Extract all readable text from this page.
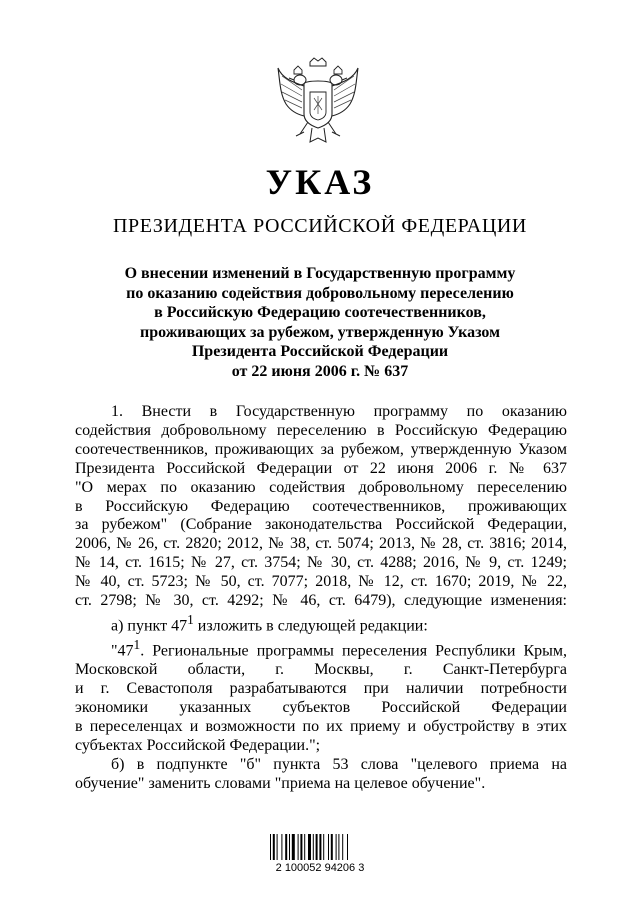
УКАЗ
ПРЕЗИДЕНТА РОССИЙСКОЙ ФЕДЕРАЦИИ
О внесении изменений в Государственную программу
по оказанию содействия добровольному переселению
в Российскую Федерацию соотечественников,
проживающих за рубежом, утвержденную Указом
Президента Российской Федерации
от 22 июня 2006 г. № 637

1. Внести в Государственную программу по оказанию
содействия добровольному переселению в Российскую Федерацию
соотечественников, проживающих за рубежом, утвержденную Указом
Президента Российской Федерации от 22 июня 2006 г. № 637
"О мерах по оказанию содействия добровольному переселению
в Российскую Федерацию соотечественников, проживающих
за рубежом" (Собрание законодательства Российской Федерации,
2006, № 26, ст. 2820; 2012, № 38, ст. 5074; 2013, № 28, ст. 3816; 2014,
№ 14, ст. 1615; № 27, ст. 3754; № 30, ст. 4288; 2016, № 9, ст. 1249;
№ 40, ст. 5723; № 50, ст. 7077; 2018, № 12, ст. 1670; 2019, № 22,
ст. 2798; № 30, ст. 4292; № 46, ст. 6479), следующие изменения:

а) пункт $47^1$ изложить в следующей редакции:

"$47^1$. Региональные программы переселения Республики Крым,
Московской области, г. Москвы, г. Санкт-Петербурга
и г. Севастополя разрабатываются при наличии потребности
экономики указанных субъектов Российской Федерации
в переселенцах и возможности по их приему и обустройству в этих
субъектах Российской Федерации.";

б) в подпункте "б" пункта 53 слова "целевого приема на
обучение" заменить словами "приема на целевое обучение".

2 100052 94206 3
